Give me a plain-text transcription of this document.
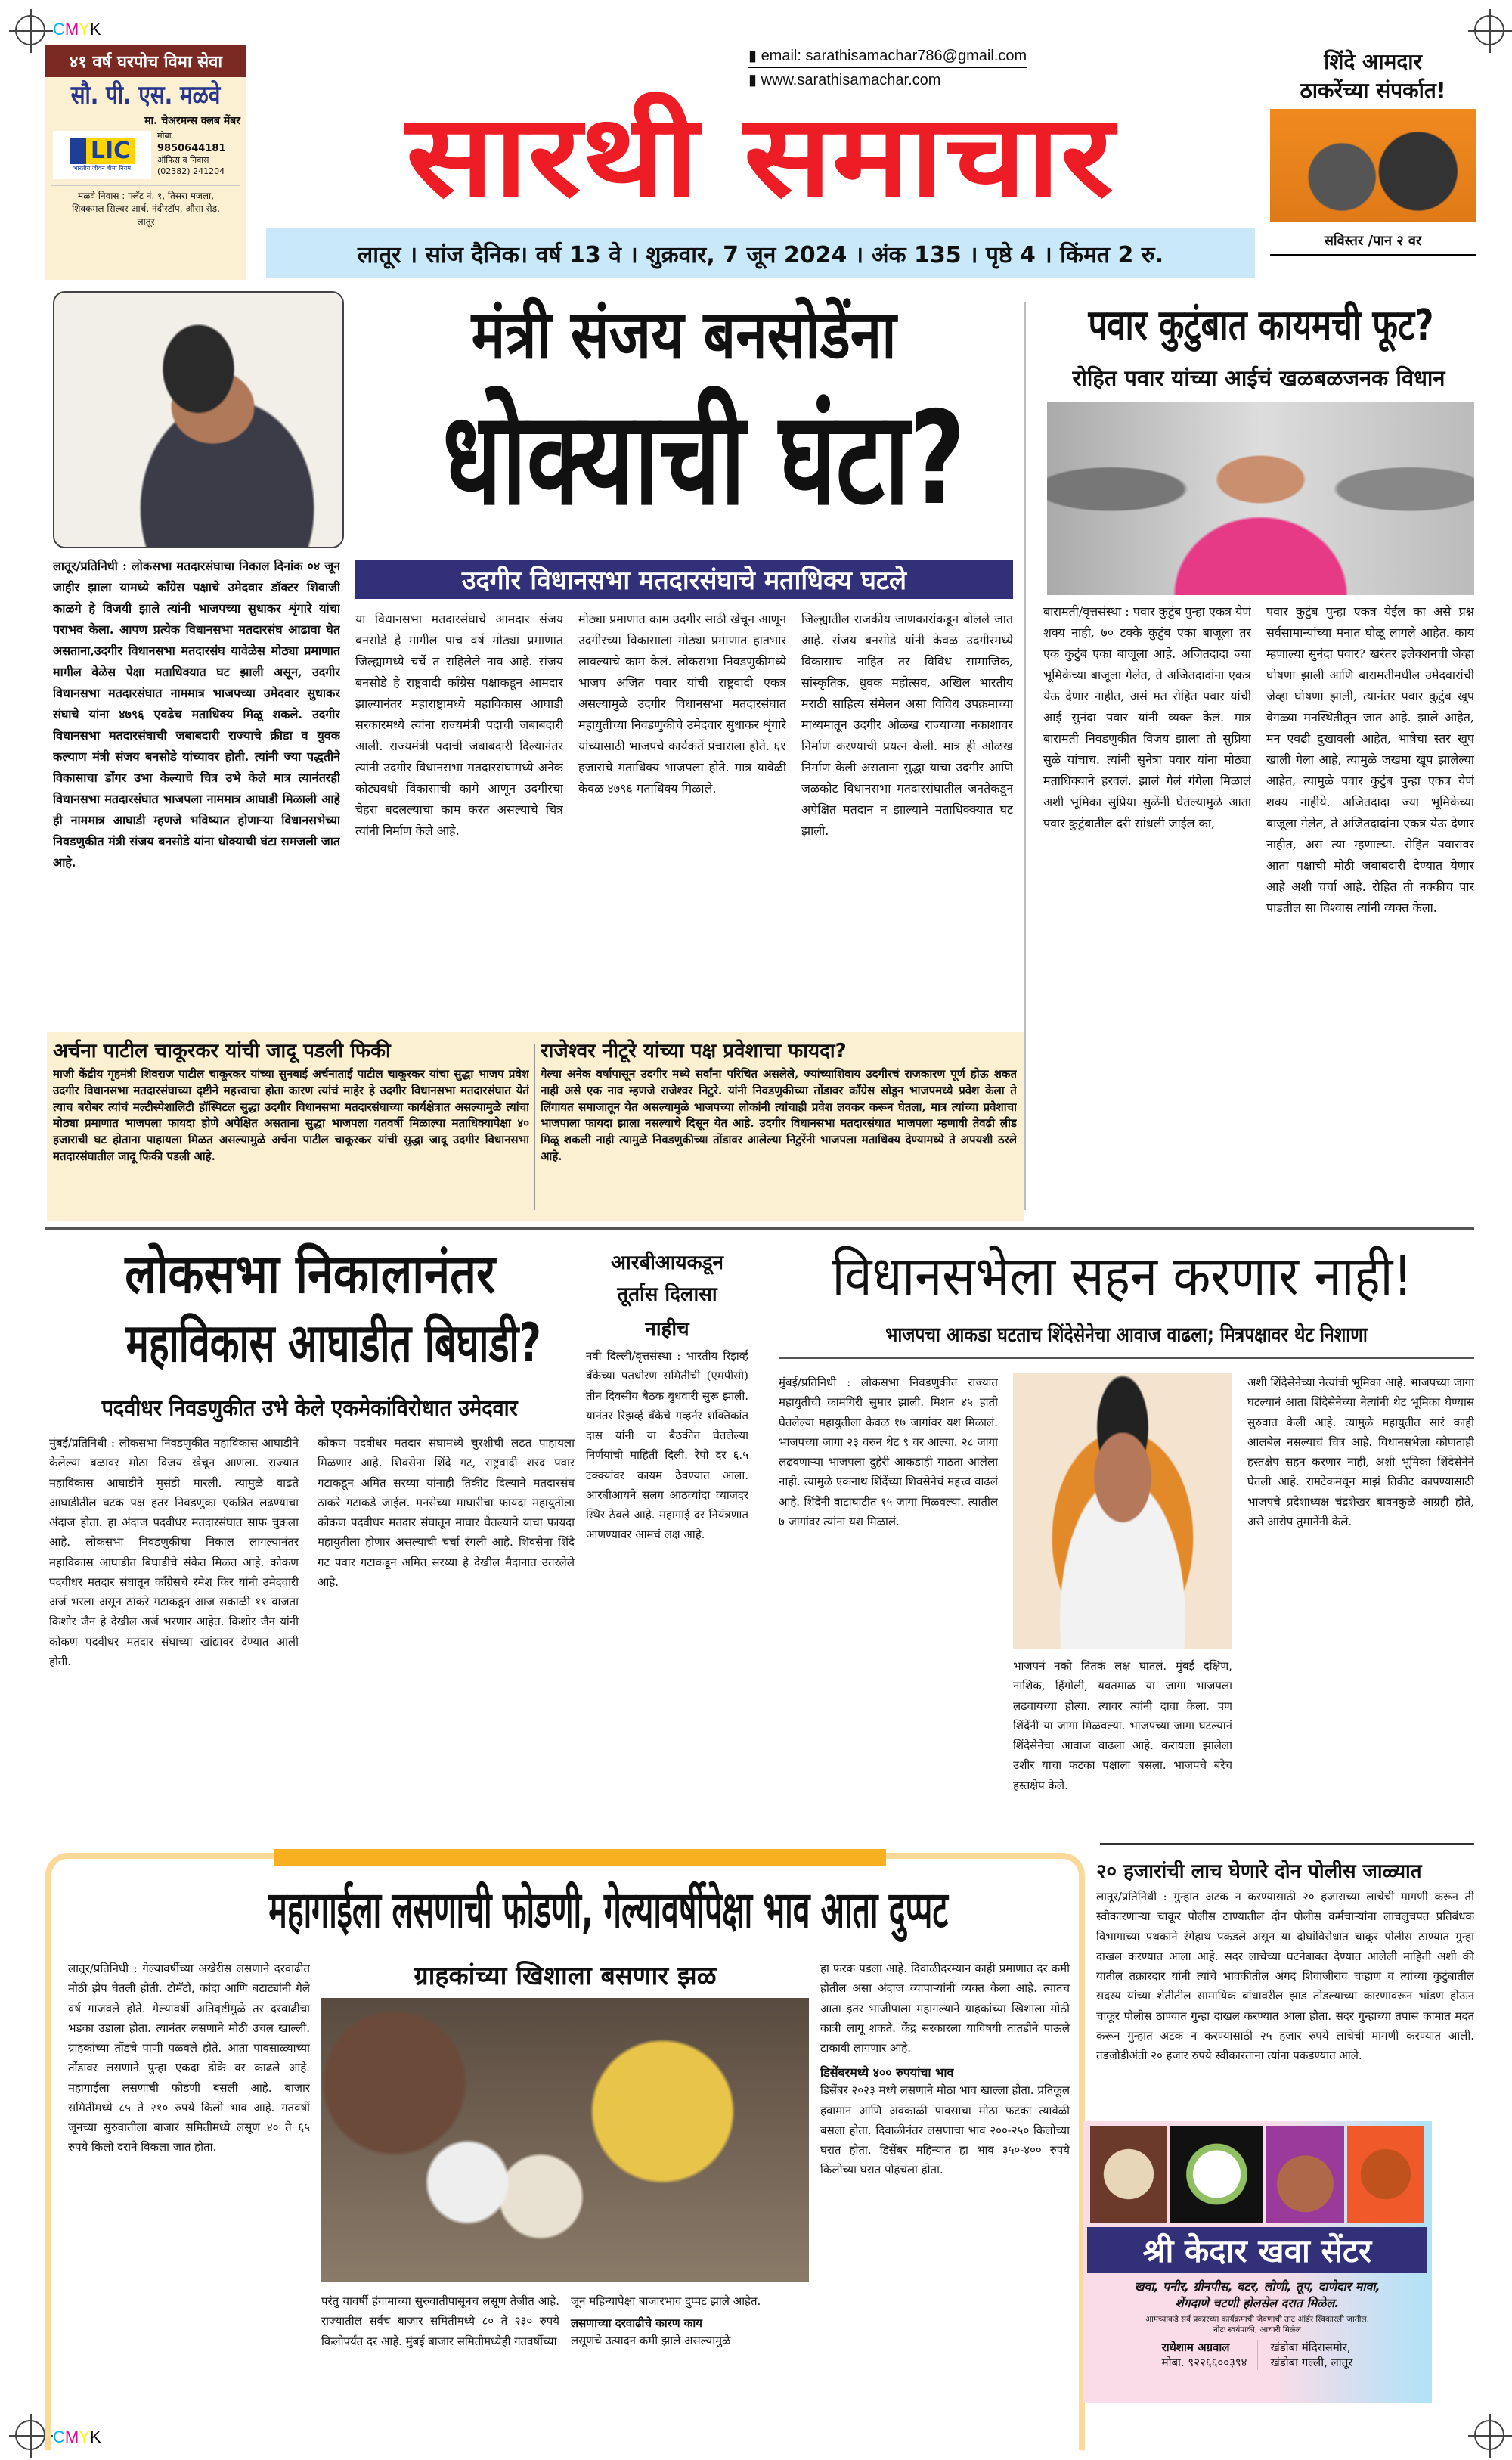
CMYK
CMYK
४१ वर्ष घरपोच विमा सेवा
सौ. पी. एस. मळवे
मा. चेअरमन्स क्लब मेंबर
LIC
भारतीय जीवन बीमा निगम
मोबा.
9850644181
ऑफिस व निवास
(02382) 241204
मळवे निवास : फ्लॅट नं. १, तिसरा मजला, शिवकमल सिल्वर आर्च, नंदीस्टॉप, औसा रोड, लातूर
▮ email: sarathisamachar786@gmail.com
▮ www.sarathisamachar.com
सारथी समाचार
लातूर । सांज दैनिक। वर्ष 13 वे । शुक्रवार, 7 जून 2024 । अंक 135 । पृष्ठे 4 । किंमत 2 रु.
शिंदे आमदार
ठाकरेंच्या संपर्कात!
सविस्तर /पान २ वर
लातूर/प्रतिनिधी : लोकसभा मतदारसंघाचा निकाल दिनांक ०४ जून जाहीर झाला यामध्ये काँग्रेस पक्षाचे उमेदवार डॉक्टर शिवाजी काळगे हे विजयी झाले त्यांनी भाजपच्या सुधाकर शृंगारे यांचा पराभव केला. आपण प्रत्येक विधानसभा मतदारसंघ आढावा घेत असताना,उदगीर विधानसभा मतदारसंघ यावेळेस मोठ्या प्रमाणात मागील वेळेस पेक्षा मताधिक्यात घट झाली असून, उदगीर विधानसभा मतदारसंघात नाममात्र भाजपच्या उमेदवार सुधाकर संघाचे यांना ४७९६ एवढेच मताधिक्य मिळू शकले. उदगीर विधानसभा मतदारसंघाची जबाबदारी राज्याचे क्रीडा व युवक कल्याण मंत्री संजय बनसोडे यांच्यावर होती. त्यांनी ज्या पद्धतीने विकासाचा डोंगर उभा केल्याचे चित्र उभे केले मात्र त्यानंतरही विधानसभा मतदारसंघात भाजपला नाममात्र आघाडी मिळाली आहे ही नाममात्र आघाडी म्हणजे भविष्यात होणाऱ्या विधानसभेच्या निवडणुकीत मंत्री संजय बनसोडे यांना धोक्याची घंटा समजली जात आहे.
मंत्री संजय बनसोडेंना
धोक्याची घंटा?
उदगीर विधानसभा मतदारसंघाचे मताधिक्य घटले
या विधानसभा मतदारसंघाचे आमदार संजय बनसोडे हे मागील पाच वर्ष मोठ्या प्रमाणात जिल्ह्यामध्ये चर्चे त राहिलेले नाव आहे. संजय बनसोडे हे राष्ट्रवादी काँग्रेस पक्षाकडून आमदार झाल्यानंतर महाराष्ट्रामध्ये महाविकास आघाडी सरकारमध्ये त्यांना राज्यमंत्री पदाची जबाबदारी आली. राज्यमंत्री पदाची जबाबदारी दिल्यानंतर त्यांनी उदगीर विधानसभा मतदारसंघामध्ये अनेक कोट्यवधी विकासाची कामे आणून उदगीरचा चेहरा बदलल्याचा काम करत असल्याचे चित्र त्यांनी निर्माण केले आहे.
मोठ्या प्रमाणात काम उदगीर साठी खेचून आणून उदगीरच्या विकासाला मोठ्या प्रमाणात हातभार लावल्याचे काम केलं. लोकसभा निवडणुकीमध्ये भाजप अजित पवार यांची राष्ट्रवादी एकत्र असल्यामुळे उदगीर विधानसभा मतदारसंघात महायुतीच्या निवडणुकीचे उमेदवार सुधाकर शृंगारे यांच्यासाठी भाजपचे कार्यकर्ते प्रचाराला होते. ६१ हजाराचे मताधिक्य भाजपला होते. मात्र यावेळी केवळ ४७९६ मताधिक्य मिळाले.
जिल्ह्यातील राजकीय जाणकारांकडून बोलले जात आहे. संजय बनसोडे यांनी केवळ उदगीरमध्ये विकासाच नाहित तर विविध सामाजिक, सांस्कृतिक, धुवक महोत्सव, अखिल भारतीय मराठी साहित्य संमेलन असा विविध उपक्रमाच्या माध्यमातून उदगीर ओळख राज्याच्या नकाशावर निर्माण करण्याची प्रयत्न केली. मात्र ही ओळख निर्माण केली असताना सुद्धा याचा उदगीर आणि जळकोट विधानसभा मतदारसंघातील जनतेकडून अपेक्षित मतदान न झाल्याने मताधिक्क्यात घट झाली.
पवार कुटुंबात कायमची फूट?
रोहित पवार यांच्या आईचं खळबळजनक विधान
बारामती/वृत्तसंस्था : पवार कुटुंब पुन्हा एकत्र येणं शक्य नाही, ७० टक्के कुटुंब एका बाजूला तर एक कुटुंब एका बाजूला आहे. अजितदादा ज्या भूमिकेच्या बाजूला गेलेत, ते अजितदादांना एकत्र येऊ देणार नाहीत, असं मत रोहित पवार यांची आई सुनंदा पवार यांनी व्यक्त केलं. मात्र बारामती निवडणुकीत विजय झाला तो सुप्रिया सुळे यांचाच. त्यांनी सुनेत्रा पवार यांना मोठ्या मताधिक्याने हरवलं. झालं गेलं गंगेला मिळालं अशी भूमिका सुप्रिया सुळेंनी घेतल्यामुळे आता पवार कुटुंबातील दरी सांधली जाईल का,
पवार कुटुंब पुन्हा एकत्र येईल का असे प्रश्न सर्वसामान्यांच्या मनात घोळू लागले आहेत. काय म्हणाल्या सुनंदा पवार? खरंतर इलेक्शनची जेव्हा घोषणा झाली आणि बारामतीमधील उमेदवारांची जेव्हा घोषणा झाली, त्यानंतर पवार कुटुंब खूप वेगळ्या मनस्थितीतून जात आहे. झाले आहेत, मन एवढी दुखावली आहेत, भाषेचा स्तर खूप खाली गेला आहे, त्यामुळे जखमा खूप झालेल्या आहेत, त्यामुळे पवार कुटुंब पुन्हा एकत्र येणं शक्य नाहीये. अजितदादा ज्या भूमिकेच्या बाजूला गेलेत, ते अजितदादांना एकत्र येऊ देणार नाहीत, असं त्या म्हणाल्या. रोहित पवारांवर आता पक्षाची मोठी जबाबदारी देण्यात येणार आहे अशी चर्चा आहे. रोहित ती नक्कीच पार पाडतील सा विश्वास त्यांनी व्यक्त केला.
अर्चना पाटील चाकूरकर यांची जादू पडली फिकी
माजी केंद्रीय गृहमंत्री शिवराज पाटील चाकूरकर यांच्या सुनबाई अर्चनाताई पाटील चाकूरकर यांचा सुद्धा भाजप प्रवेश उदगीर विधानसभा मतदारसंघाच्या दृष्टीने महत्त्वाचा होता कारण त्यांचं माहेर हे उदगीर विधानसभा मतदारसंघात येतं त्याच बरोबर त्यांचं मल्टीस्पेशालिटी हॉस्पिटल सुद्धा उदगीर विधानसभा मतदारसंघाच्या कार्यक्षेत्रात असल्यामुळे त्यांचा मोठ्या प्रमाणात भाजपला फायदा होणे अपेक्षित असताना सुद्धा भाजपला गतवर्षी मिळाल्या मताधिक्यापेक्षा ४० हजाराची घट होताना पाहायला मिळत असल्यामुळे अर्चना पाटील चाकूरकर यांची सुद्धा जादू उदगीर विधानसभा मतदारसंघातील जादू फिकी पडली आहे.
राजेश्वर नीटूरे यांच्या पक्ष प्रवेशाचा फायदा?
गेल्या अनेक वर्षापासून उदगीर मध्ये सर्वांना परिचित असलेले, ज्यांच्याशिवाय उदगीरचं राजकारण पूर्ण होऊ शकत नाही असे एक नाव म्हणजे राजेश्वर निटुरे. यांनी निवडणुकीच्या तोंडावर काँग्रेस सोडून भाजपमध्ये प्रवेश केला ते लिंगायत समाजातून येत असल्यामुळे भाजपच्या लोकांनी त्यांचाही प्रवेश लवकर करून घेतला, मात्र त्यांच्या प्रवेशाचा भाजपाला फायदा झाला नसल्याचे दिसून येत आहे. उदगीर विधानसभा मतदारसंघात भाजपला म्हणावी तेवढी लीड मिळू शकली नाही त्यामुळे निवडणुकीच्या तोंडावर आलेल्या निटुरेंनी भाजपला मताधिक्य देण्यामध्ये ते अपयशी ठरले आहे.
लोकसभा निकालानंतर
महाविकास आघाडीत बिघाडी?
पदवीधर निवडणुकीत उभे केले एकमेकांविरोधात उमेदवार
मुंबई/प्रतिनिधी : लोकसभा निवडणुकीत महाविकास आघाडीने केलेल्या बळावर मोठा विजय खेचून आणला. राज्यात महाविकास आघाडीने मुसंडी मारली. त्यामुळे वाढते आघाडीतील घटक पक्ष हतर निवडणुका एकत्रित लढण्याचा अंदाज होता. हा अंदाज पदवीधर मतदारसंघात साफ चुकला आहे. लोकसभा निवडणुकीचा निकाल लागल्यानंतर महाविकास आघाडीत बिघाडीचे संकेत मिळत आहे. कोकण पदवीधर मतदार संघातून काँग्रेसचे रमेश किर यांनी उमेदवारी अर्ज भरला असून ठाकरे गटाकडून आज सकाळी ११ वाजता किशोर जैन हे देखील अर्ज भरणार आहेत. किशोर जैन यांनी कोकण पदवीधर मतदार संघाच्या खांद्यावर देण्यात आली होती.
कोकण पदवीधर मतदार संघामध्ये चुरशीची लढत पाहायला मिळणार आहे. शिवसेना शिंदे गट, राष्ट्रवादी शरद पवार गटाकडून अमित सरय्या यांनाही तिकीट दिल्याने मतदारसंघ ठाकरे गटाकडे जाईल. मनसेच्या माघारीचा फायदा महायुतीला कोकण पदवीधर मतदार संघातून माघार घेतल्याने याचा फायदा महायुतीला होणार असल्याची चर्चा रंगली आहे. शिवसेना शिंदे गट पवार गटाकडून अमित सरय्या हे देखील मैदानात उतरलेले आहे.
आरबीआयकडून
तूर्तास दिलासा
नाहीच
नवी दिल्ली/वृत्तसंस्था : भारतीय रिझर्व्ह बँकेच्या पतधोरण समितीची (एमपीसी) तीन दिवसीय बैठक बुधवारी सुरू झाली. यानंतर रिझर्व्ह बँकेचे गव्हर्नर शक्तिकांत दास यांनी या बैठकीत घेतलेल्या निर्णयांची माहिती दिली. रेपो दर ६.५ टक्क्यांवर कायम ठेवण्यात आला. आरबीआयने सलग आठव्यांदा व्याजदर स्थिर ठेवले आहे. महागाई दर नियंत्रणात आणण्यावर आमचं लक्ष आहे.
विधानसभेला सहन करणार नाही!
भाजपचा आकडा घटताच शिंदेसेनेचा आवाज वाढला; मित्रपक्षावर थेट निशाणा
मुंबई/प्रतिनिधी : लोकसभा निवडणुकीत राज्यात महायुतीची कामगिरी सुमार झाली. मिशन ४५ हाती घेतलेल्या महायुतीला केवळ १७ जागांवर यश मिळालं. भाजपच्या जागा २३ वरुन थेट ९ वर आल्या. २८ जागा लढवणाऱ्या भाजपला दुहेरी आकडाही गाठता आलेला नाही. त्यामुळे एकनाथ शिंदेंच्या शिवसेनेचं महत्त्व वाढलं आहे. शिंदेंनी वाटाघाटीत १५ जागा मिळवल्या. त्यातील ७ जागांवर त्यांना यश मिळालं.
भाजपनं नको तितकं लक्ष घातलं. मुंबई दक्षिण, नाशिक, हिंगोली, यवतमाळ या जागा भाजपला लढवायच्या होत्या. त्यावर त्यांनी दावा केला. पण शिंदेंनी या जागा मिळवल्या. भाजपच्या जागा घटल्यानं शिंदेसेनेचा आवाज वाढला आहे. करायला झालेला उशीर याचा फटका पक्षाला बसला. भाजपचे बरेच हस्तक्षेप केले.
अशी शिंदेसेनेच्या नेत्यांची भूमिका आहे. भाजपच्या जागा घटल्यानं आता शिंदेसेनेच्या नेत्यांनी थेट भूमिका घेण्यास सुरुवात केली आहे. त्यामुळे महायुतीत सारं काही आलबेल नसल्याचं चित्र आहे. विधानसभेला कोणताही हस्तक्षेप सहन करणार नाही, अशी भूमिका शिंदेसेनेने घेतली आहे. रामटेकमधून माझं तिकीट कापण्यासाठी भाजपचे प्रदेशाध्यक्ष चंद्रशेखर बावनकुळे आग्रही होते, असे आरोप तुमानेंनी केले.
महागाईला लसणाची फोडणी, गेल्यावर्षीपेक्षा भाव आता दुप्पट
लातूर/प्रतिनिधी : गेल्यावर्षीच्या अखेरीस लसणाने दरवाढीत मोठी झेप घेतली होती. टोमॅटो, कांदा आणि बटाट्यांनी गेले वर्ष गाजवले होते. गेल्यावर्षी अतिवृष्टीमुळे तर दरवाढीचा भडका उडाला होता. त्यानंतर लसणाने मोठी उचल खाल्ली. ग्राहकांच्या तोंडचे पाणी पळवले होते. आता पावसाळ्याच्या तोंडावर लसणाने पुन्हा एकदा डोके वर काढले आहे. महागाईला लसणाची फोडणी बसली आहे. बाजार समितीमध्ये ८५ ते २१० रुपये किलो भाव आहे. गतवर्षी जूनच्या सुरुवातीला बाजार समितीमध्ये लसूण ४० ते ६५ रुपये किलो दराने विकला जात होता.
ग्राहकांच्या खिशाला बसणार झळ
परंतु यावर्षी हंगामाच्या सुरुवातीपासूनच लसूण तेजीत आहे. राज्यातील सर्वच बाजार समितीमध्ये ८० ते २३० रुपये किलोपर्यंत दर आहे. मुंबई बाजार समितीमध्येही गतवर्षीच्या
जून महिन्यापेक्षा बाजारभाव दुप्पट झाले आहेत.
लसणाच्या दरवाढीचे कारण काय
लसूणचे उत्पादन कमी झाले असल्यामुळे
हा फरक पडला आहे. दिवाळीदरम्यान काही प्रमाणात दर कमी होतील असा अंदाज व्यापाऱ्यांनी व्यक्त केला आहे. त्यातच आता इतर भाजीपाला महागल्याने ग्राहकांच्या खिशाला मोठी कात्री लागू शकते. केंद्र सरकारला याविषयी तातडीने पाऊले टाकावी लागणार आहे.
डिसेंबरमध्ये ४०० रुपयांचा भाव
डिसेंबर २०२३ मध्ये लसणाने मोठा भाव खाल्ला होता. प्रतिकूल हवामान आणि अवकाळी पावसाचा मोठा फटका त्यावेळी बसला होता. दिवाळीनंतर लसणाचा भाव २००-२५० किलोच्या घरात होता. डिसेंबर महिन्यात हा भाव ३५०-४०० रुपये किलोच्या घरात पोहचला होता.
२० हजारांची लाच घेणारे दोन पोलीस जाळ्यात
लातूर/प्रतिनिधी : गुन्हात अटक न करण्यासाठी २० हजाराच्या लाचेची मागणी करून ती स्वीकारणाऱ्या चाकूर पोलीस ठाण्यातील दोन पोलीस कर्मचाऱ्यांना लाचलुचपत प्रतिबंधक विभागाच्या पथकाने रंगेहाथ पकडले असून या दोघांविरोधात चाकूर पोलीस ठाण्यात गुन्हा दाखल करण्यात आला आहे. सदर लाचेच्या घटनेबाबत देण्यात आलेली माहिती अशी की यातील तक्रारदार यांनी त्यांचे भावकीतील अंगद शिवाजीराव चव्हाण व त्यांच्या कुटुंबातील सदस्य यांच्या शेतीतील सामायिक बांधावरील झाड तोडल्याच्या कारणावरून भांडण होऊन चाकूर पोलीस ठाण्यात गुन्हा दाखल करण्यात आला होता. सदर गुन्हाच्या तपास कामात मदत करून गुन्हात अटक न करण्यासाठी २५ हजार रुपये लाचेची मागणी करण्यात आली. तडजोडीअंती २० हजार रुपये स्वीकारताना त्यांना पकडण्यात आले.
श्री केदार खवा सेंटर
खवा, पनीर, ग्रीनपीस, बटर, लोणी, तूप, दाणेदार मावा,
शेंगदाणे चटणी होलसेल दरात मिळेल.
आमच्याकडे सर्व प्रकारच्या कार्यक्रमाची जेवणाची ताट ऑर्डर स्विकारली जातील.
नोटः स्वयंपाकी, आचारी मिळेल
राधेशाम अग्रवाल
मोबा. ९२२६६००३९४
खंडोबा मंदिरासमोर,
खंडोबा गल्ली, लातूर
